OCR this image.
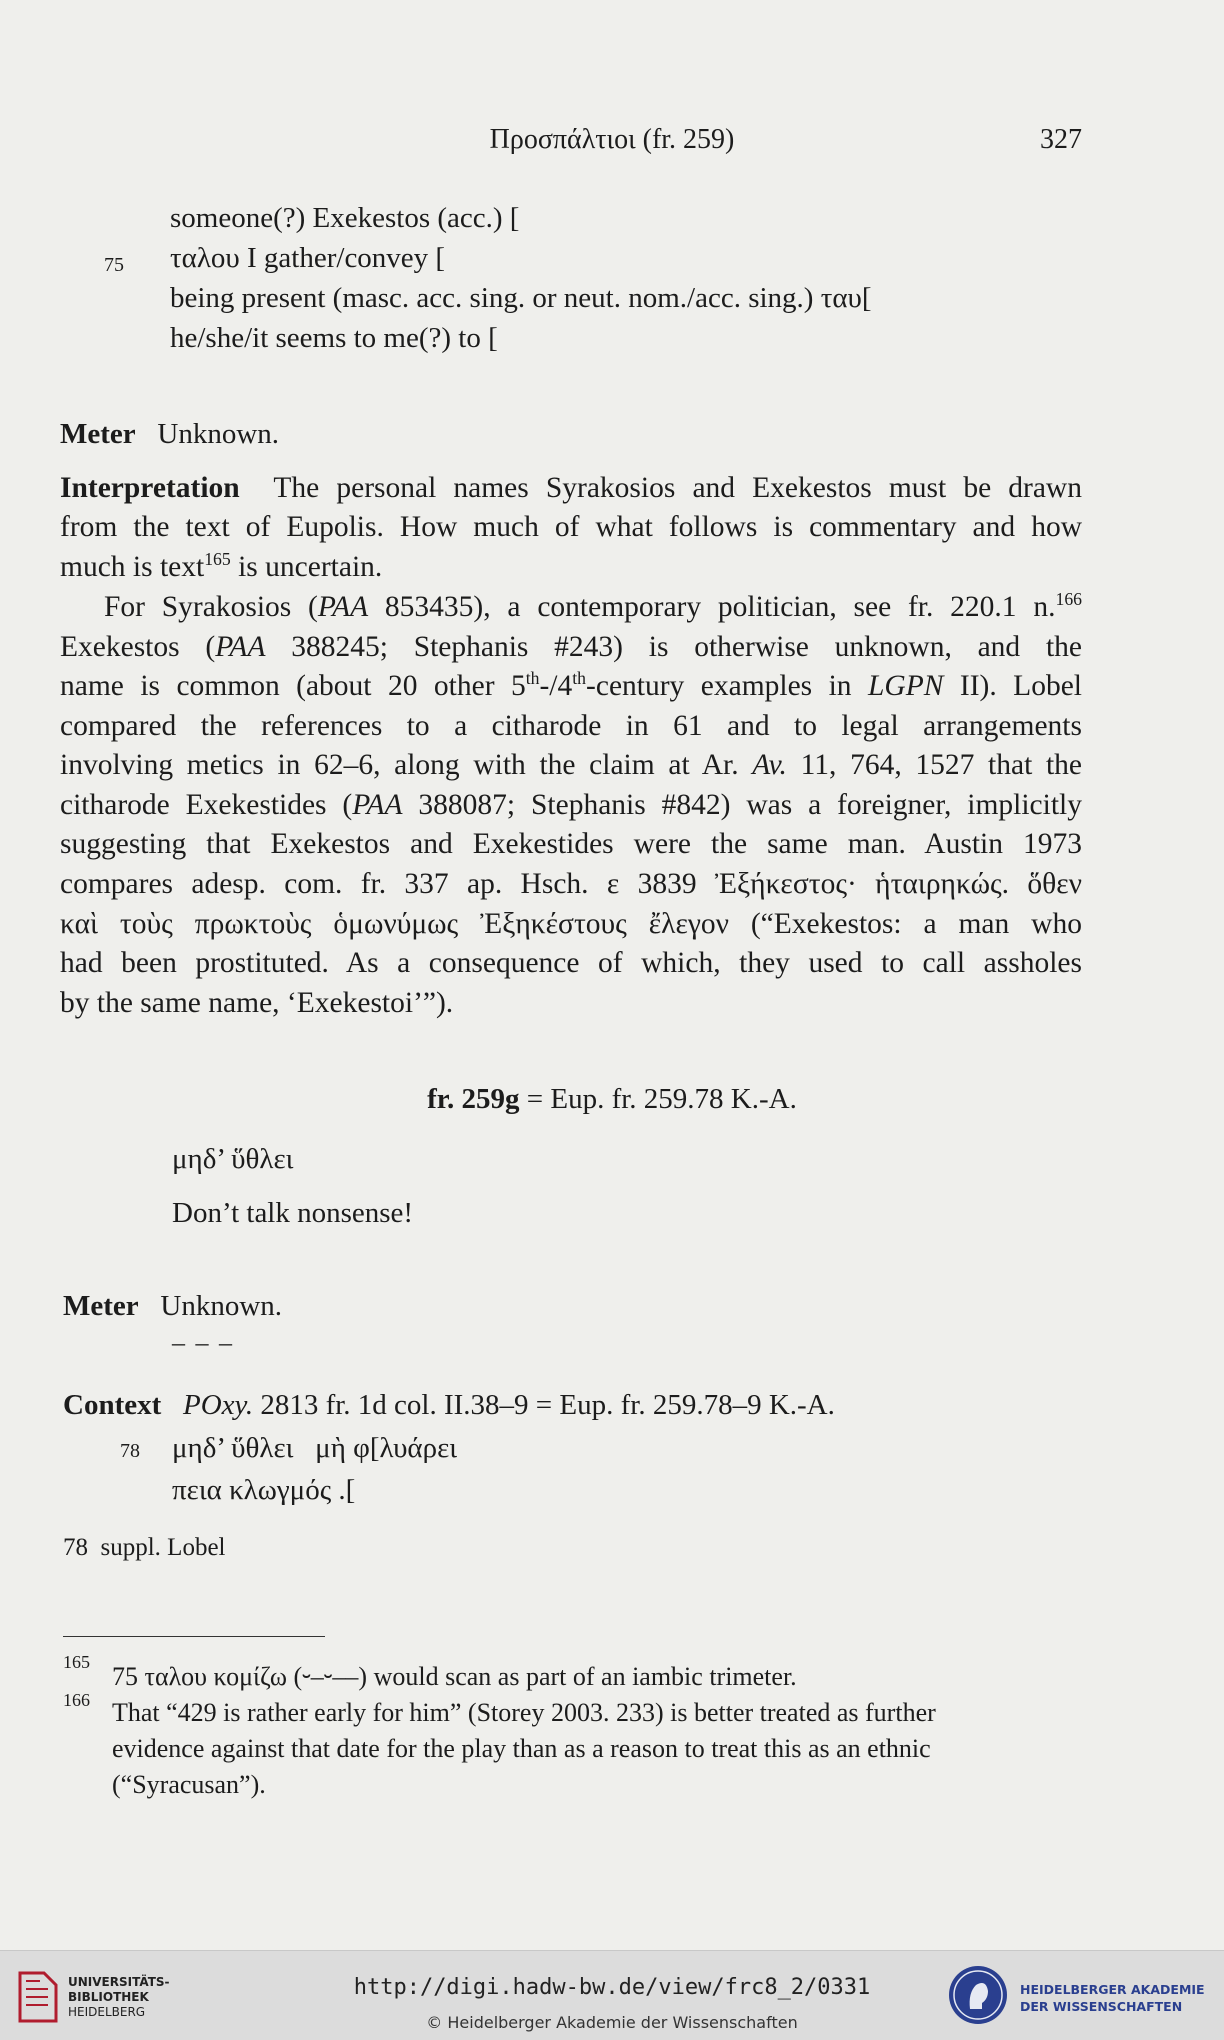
Προσπάλτιοι (fr. 259)	327
someone(?) Exekestos (acc.) [
75 ταλου I gather/convey [
being present (masc. acc. sing. or neut. nom./acc. sing.) ταυ[
he/she/it seems to me(?) to [
Meter Unknown.
Interpretation The personal names Syrakosios and Exekestos must be drawn
from the text of Eupolis. How much of what follows is commentary and how
much is text$^{165}$ is uncertain.
For Syrakosios (PAA 853435), a contemporary politician, see fr. 220.1 n.$^{166}$
Exekestos (PAA 388245; Stephanis #243) is otherwise unknown, and the
name is common (about 20 other 5th-/4th-century examples in LGPN II). Lobel
compared the references to a citharode in 61 and to legal arrangements
involving metics in 62–6, along with the claim at Ar. Av. 11, 764, 1527 that the
citharode Exekestides (PAA 388087; Stephanis #842) was a foreigner, implicitly
suggesting that Exekestos and Exekestides were the same man. Austin 1973
compares adesp. com. fr. 337 ap. Hsch. ε 3839 Ἐξήκεστος· ἡταιρηκώς. ὅθεν
καὶ τοὺς πρωκτοὺς ὁμωνύμως Ἐξηκέστους ἔλεγον (“Exekestos: a man who
had been prostituted. As a consequence of which, they used to call assholes
by the same name, ‘Exekestoi’”).
fr. 259g = Eup. fr. 259.78 K.-A.
μηδ’ ὕθλει
Don’t talk nonsense!
Meter Unknown.
– – –
Context POxy. 2813 fr. 1d col. II.38–9 = Eup. fr. 259.78–9 K.-A.
78 μηδ’ ὕθλει   μὴ φ[λυάρει
πεια κλωγμός .[
78  suppl. Lobel
165 75 ταλου κομίζω (⏑–⏑––) would scan as part of an iambic trimeter.
166 That “429 is rather early for him” (Storey 2003. 233) is better treated as further
evidence against that date for the play than as a reason to treat this as an ethnic
(“Syracusan”).
UNIVERSITÄTS-
BIBLIOTHEK
HEIDELBERG
http://digi.hadw-bw.de/view/frc8_2/0331
© Heidelberger Akademie der Wissenschaften
HEIDELBERGER AKADEMIE
DER WISSENSCHAFTEN
